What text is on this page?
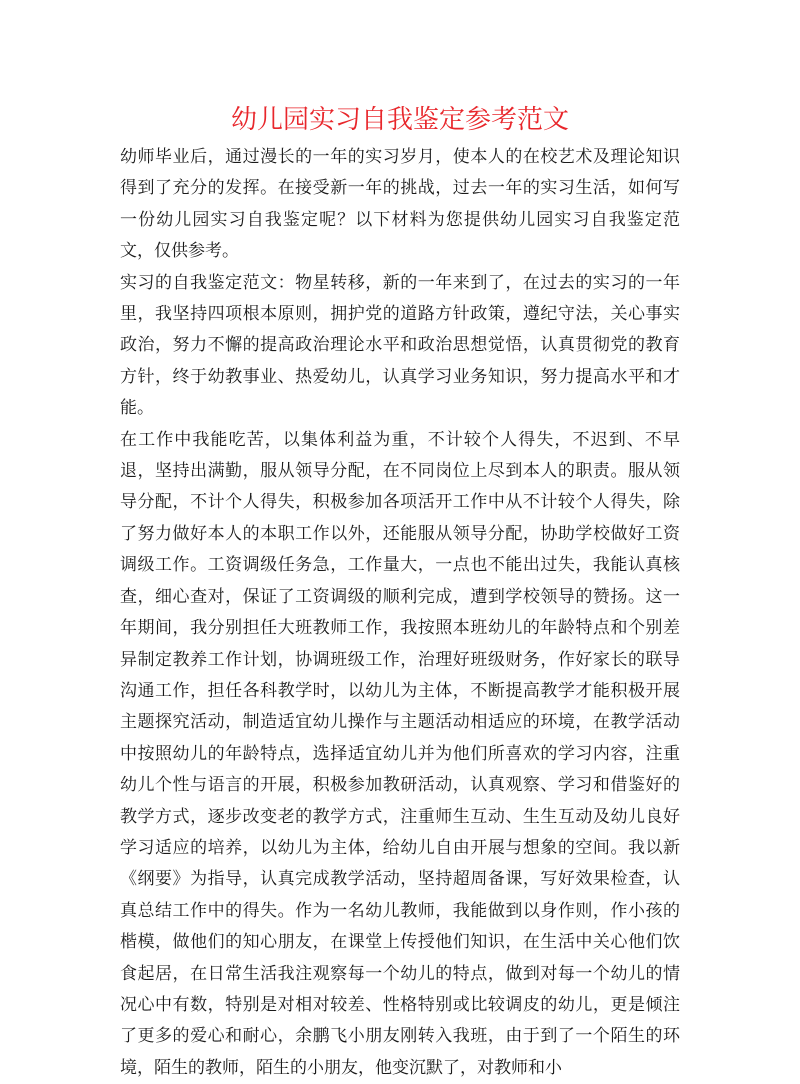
幼儿园实习自我鉴定参考范文

幼师毕业后，通过漫长的一年的实习岁月，使本人的在校艺术及理论知识得到了充分的发挥。在接受新一年的挑战，过去一年的实习生活，如何写一份幼儿园实习自我鉴定呢？以下材料为您提供幼儿园实习自我鉴定范文，仅供参考。

实习的自我鉴定范文：物星转移，新的一年来到了，在过去的实习的一年里，我坚持四项根本原则，拥护党的道路方针政策，遵纪守法，关心事实政治，努力不懈的提高政治理论水平和政治思想觉悟，认真贯彻党的教育方针，终于幼教事业、热爱幼儿，认真学习业务知识，努力提高水平和才能。

在工作中我能吃苦，以集体利益为重，不计较个人得失，不迟到、不早退，坚持出满勤，服从领导分配，在不同岗位上尽到本人的职责。服从领导分配，不计个人得失，积极参加各项活开工作中从不计较个人得失，除了努力做好本人的本职工作以外，还能服从领导分配，协助学校做好工资调级工作。工资调级任务急，工作量大，一点也不能出过失，我能认真核查，细心查对，保证了工资调级的顺利完成，遭到学校领导的赞扬。这一年期间，我分别担任大班教师工作，我按照本班幼儿的年龄特点和个别差异制定教养工作计划，协调班级工作，治理好班级财务，作好家长的联导沟通工作，担任各科教学时，以幼儿为主体，不断提高教学才能积极开展主题探究活动，制造适宜幼儿操作与主题活动相适应的环境，在教学活动中按照幼儿的年龄特点，选择适宜幼儿并为他们所喜欢的学习内容，注重幼儿个性与语言的开展，积极参加教研活动，认真观察、学习和借鉴好的教学方式，逐步改变老的教学方式，注重师生互动、生生互动及幼儿良好学习适应的培养，以幼儿为主体，给幼儿自由开展与想象的空间。我以新《纲要》为指导，认真完成教学活动，坚持超周备课，写好效果检查，认真总结工作中的得失。作为一名幼儿教师，我能做到以身作则，作小孩的楷模，做他们的知心朋友，在课堂上传授他们知识，在生活中关心他们饮食起居，在日常生活我注观察每一个幼儿的特点，做到对每一个幼儿的情况心中有数，特别是对相对较差、性格特别或比较调皮的幼儿，更是倾注了更多的爱心和耐心，余鹏飞小朋友刚转入我班，由于到了一个陌生的环境，陌生的教师，陌生的小朋友，他变沉默了，对教师和小
